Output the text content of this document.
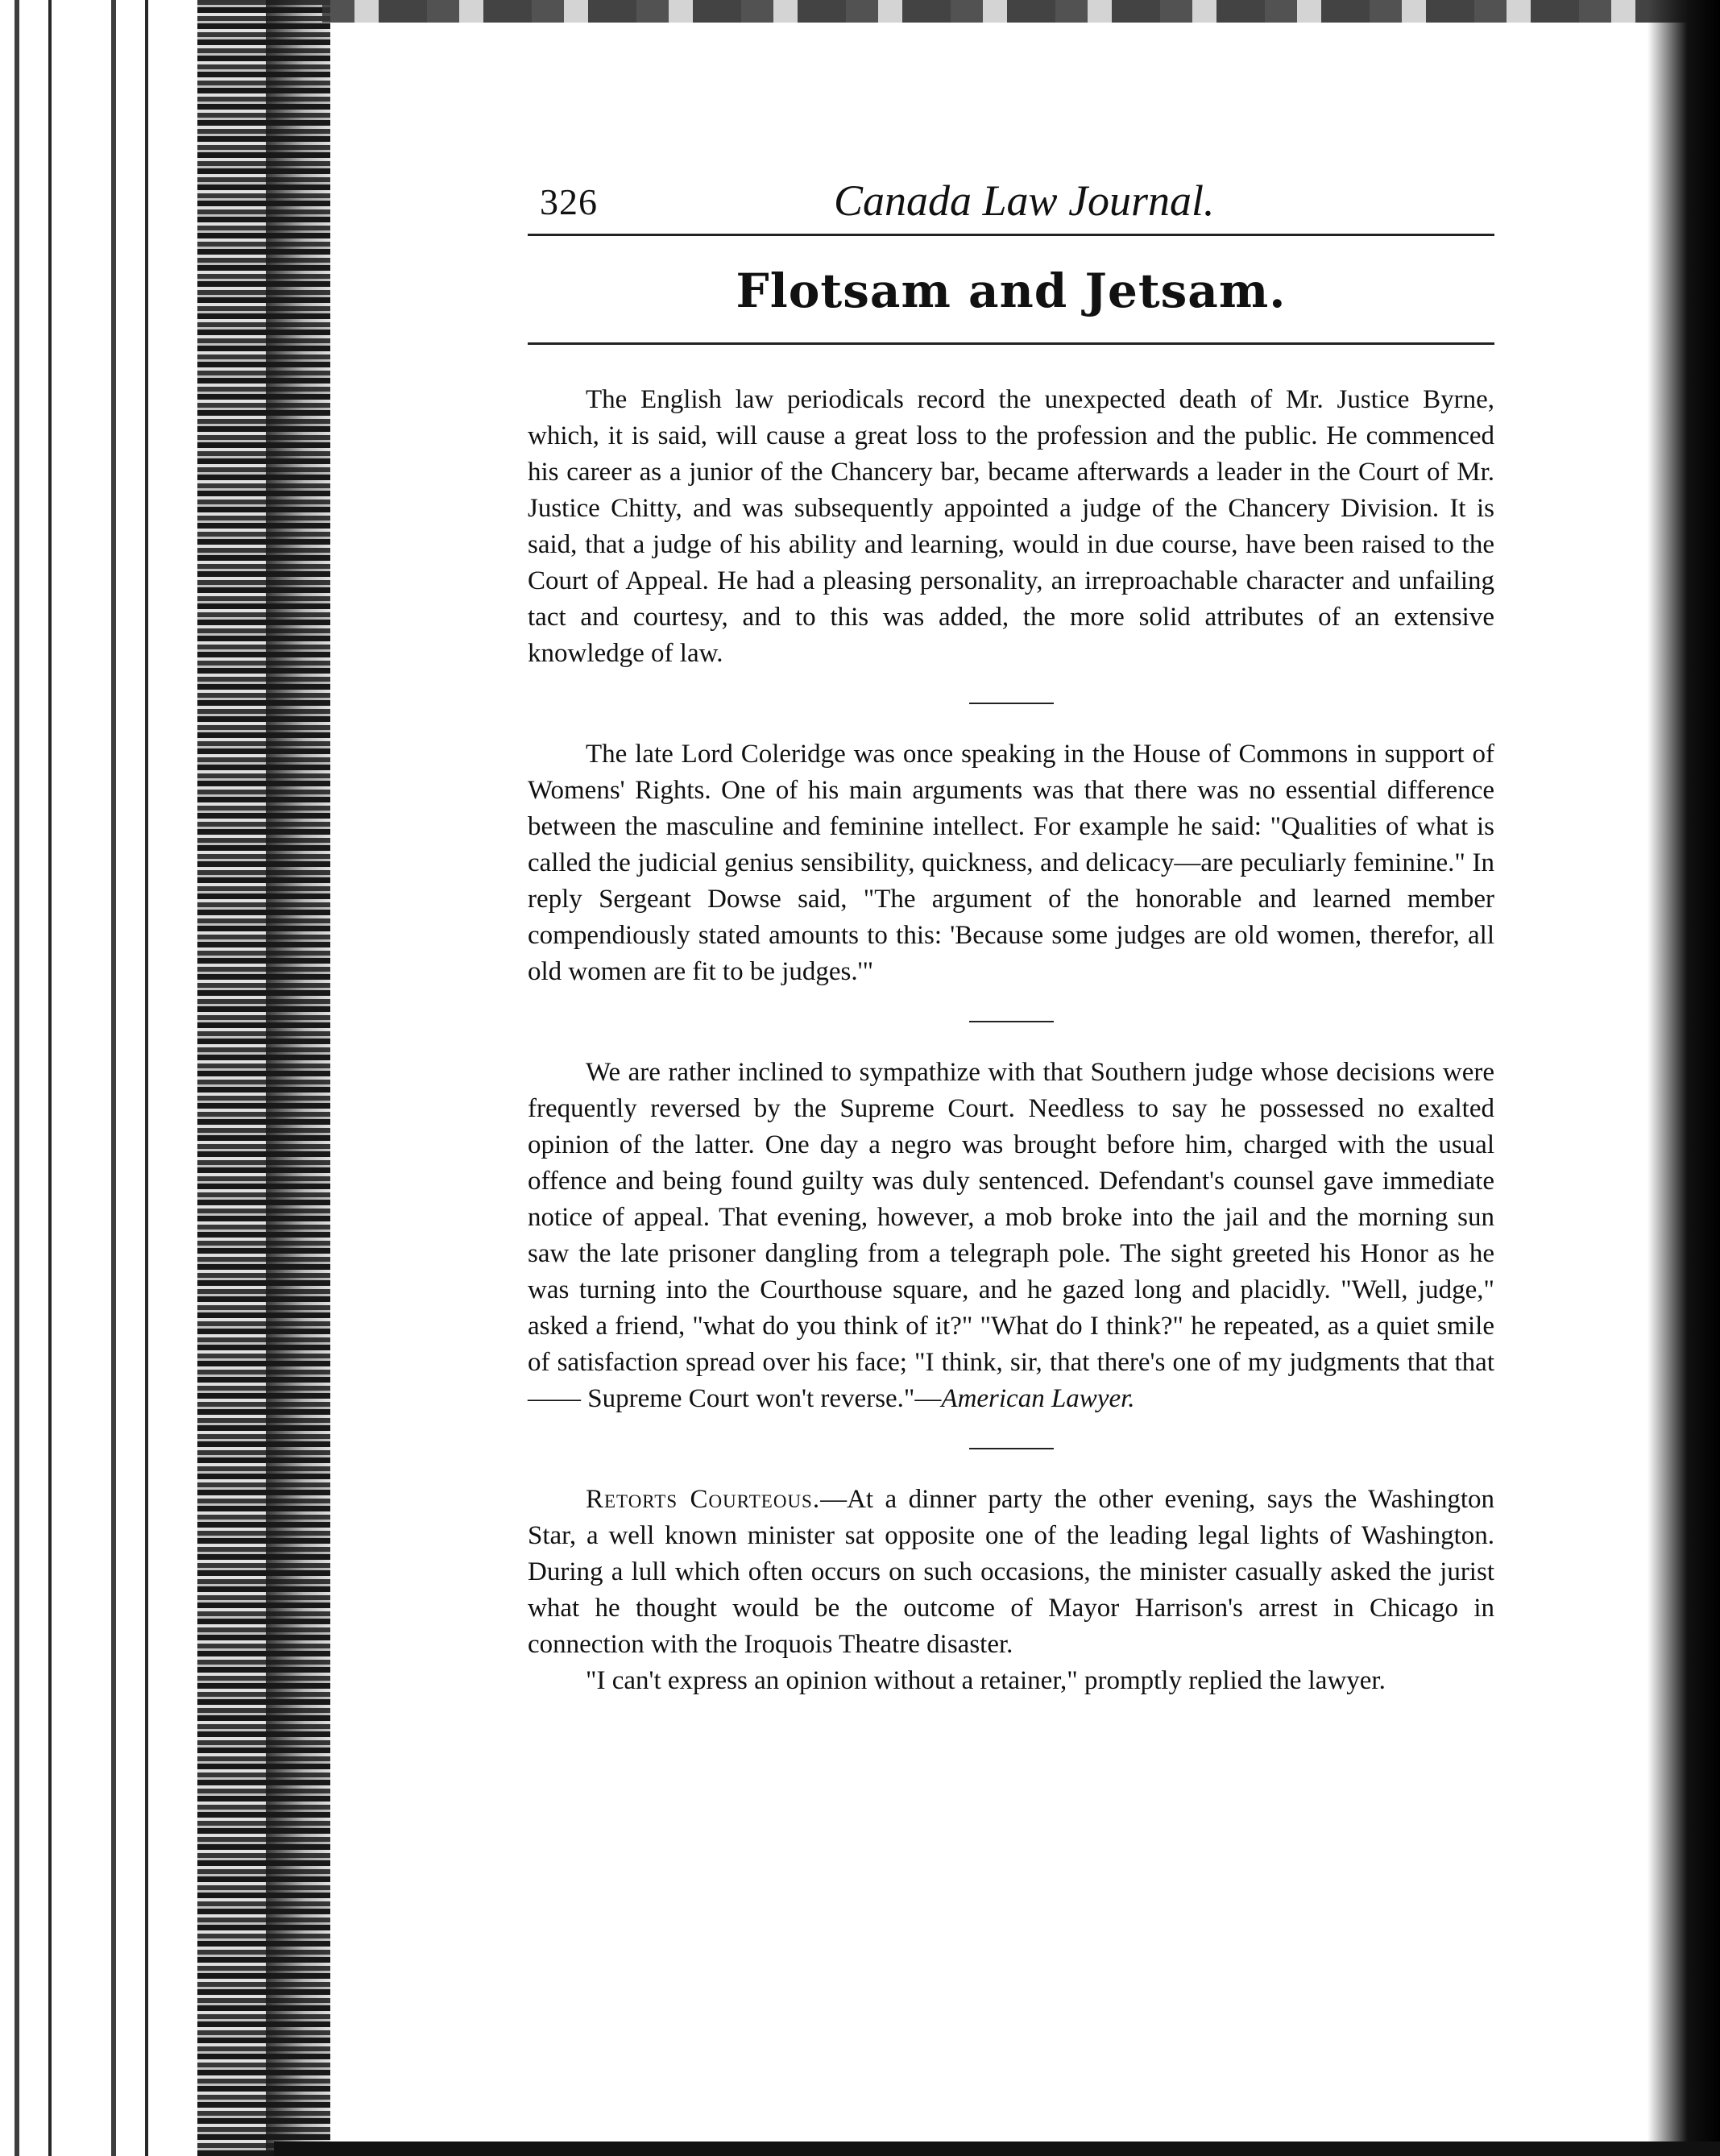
326	Canada Law Journal.
Flotsam and Jetsam.

The English law periodicals record the unexpected death of Mr. Justice Byrne, which, it is said, will cause a great loss to the profession and the public. He commenced his career as a junior of the Chancery bar, became afterwards a leader in the Court of Mr. Justice Chitty, and was subsequently appointed a judge of the Chancery Division. It is said, that a judge of his ability and learning, would in due course, have been raised to the Court of Appeal. He had a pleasing personality, an irreproachable character and unfailing tact and courtesy, and to this was added, the more solid attributes of an extensive knowledge of law.

The late Lord Coleridge was once speaking in the House of Commons in support of Womens' Rights. One of his main arguments was that there was no essential difference between the masculine and feminine intellect. For example he said: "Qualities of what is called the judicial genius sensibility, quickness, and delicacy—are peculiarly feminine." In reply Sergeant Dowse said, "The argument of the honorable and learned member compendiously stated amounts to this: 'Because some judges are old women, therefor, all old women are fit to be judges.'"

We are rather inclined to sympathize with that Southern judge whose decisions were frequently reversed by the Supreme Court. Needless to say he possessed no exalted opinion of the latter. One day a negro was brought before him, charged with the usual offence and being found guilty was duly sentenced. Defendant's counsel gave immediate notice of appeal. That evening, however, a mob broke into the jail and the morning sun saw the late prisoner dangling from a telegraph pole. The sight greeted his Honor as he was turning into the Courthouse square, and he gazed long and placidly. "Well, judge," asked a friend, "what do you think of it?" "What do I think?" he repeated, as a quiet smile of satisfaction spread over his face; "I think, sir, that there's one of my judgments that that —— Supreme Court won't reverse."—American Lawyer.

Retorts Courteous.—At a dinner party the other evening, says the Washington Star, a well known minister sat opposite one of the leading legal lights of Washington. During a lull which often occurs on such occasions, the minister casually asked the jurist what he thought would be the outcome of Mayor Harrison's arrest in Chicago in connection with the Iroquois Theatre disaster.

"I can't express an opinion without a retainer," promptly replied the lawyer.
